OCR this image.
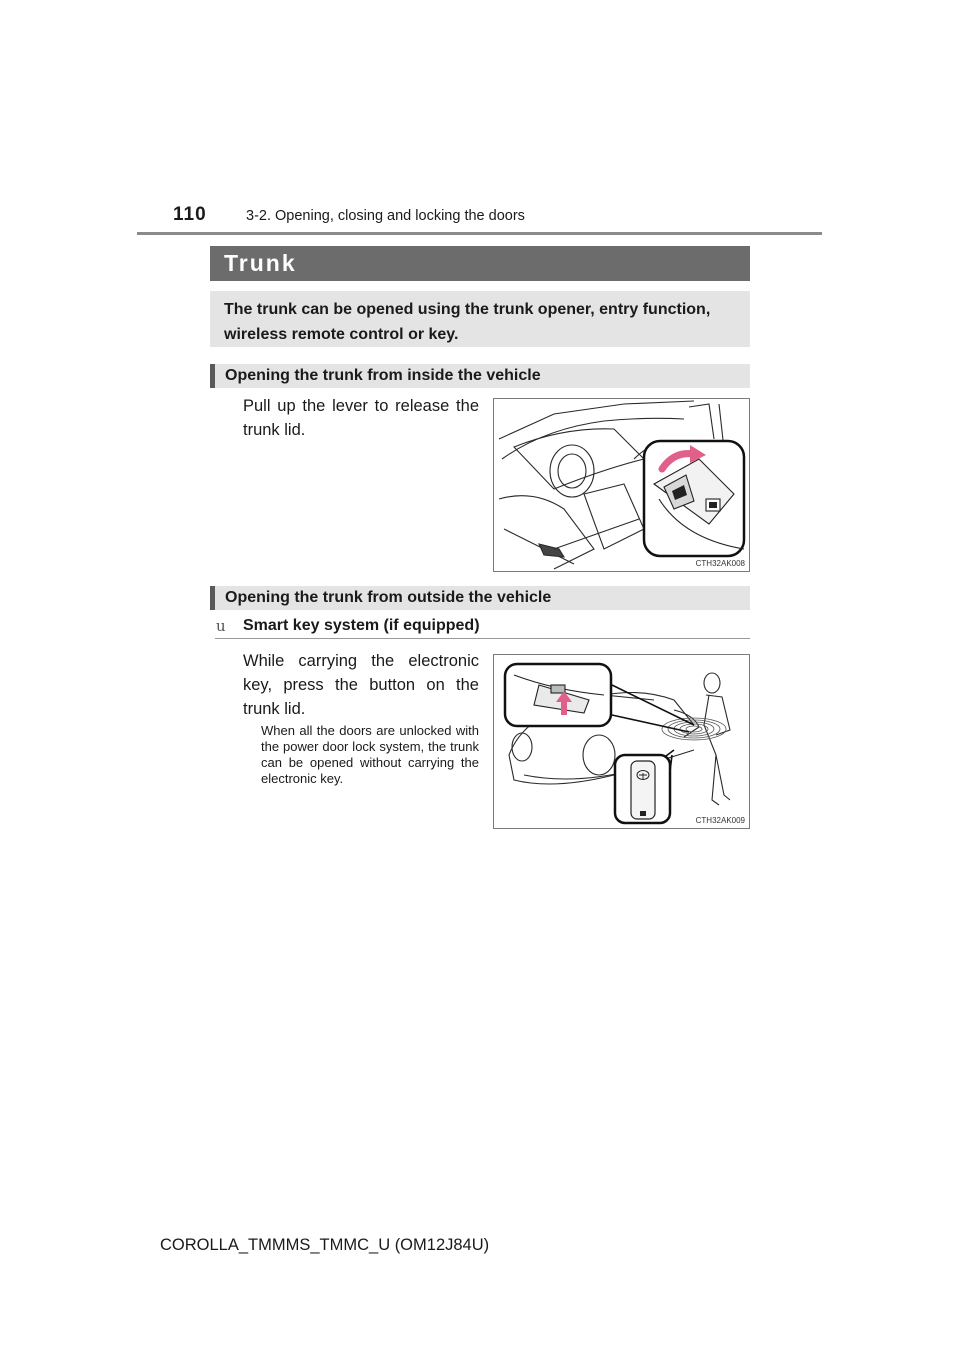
110	3-2. Opening, closing and locking the doors
Trunk
The trunk can be opened using the trunk opener, entry function, wireless remote control or key.
Opening the trunk from inside the vehicle
Pull up the lever to release the trunk lid.
CTH32AK008
Opening the trunk from outside the vehicle
u Smart key system (if equipped)
While carrying the electronic key, press the button on the trunk lid.
When all the doors are unlocked with the power door lock system, the trunk can be opened without carrying the electronic key.
CTH32AK009
COROLLA_TMMMS_TMMC_U (OM12J84U)
